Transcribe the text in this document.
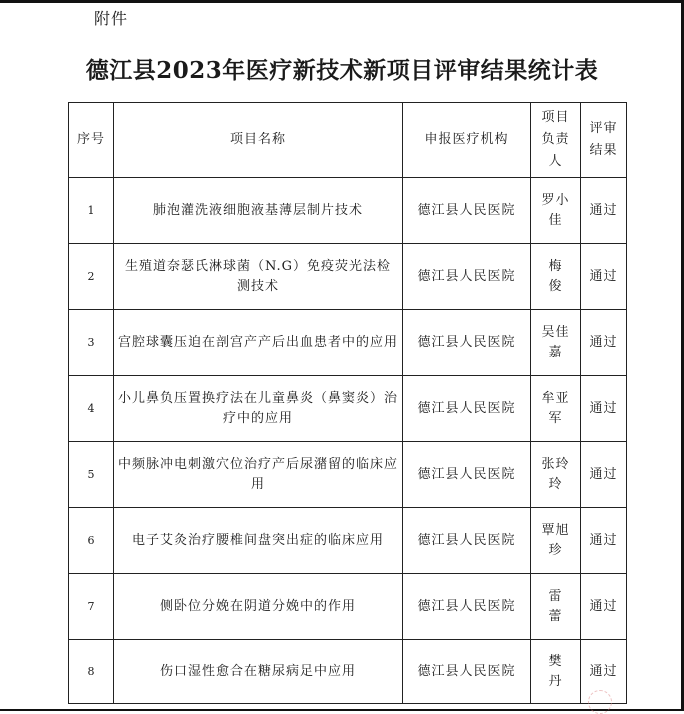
附件
德江县2023年医疗新技术新项目评审结果统计表
序号	项目名称	申报医疗机构	项目负责人	评审结果
1	肺泡灌洗液细胞液基薄层制片技术	德江县人民医院	罗小佳	通过
2	生殖道奈瑟氏淋球菌（N.G）免疫荧光法检测技术	德江县人民医院	梅　俊	通过
3	宫腔球囊压迫在剖宫产产后出血患者中的应用	德江县人民医院	吴佳嘉	通过
4	小儿鼻负压置换疗法在儿童鼻炎（鼻窦炎）治疗中的应用	德江县人民医院	牟亚军	通过
5	中频脉冲电刺激穴位治疗产后尿潴留的临床应用	德江县人民医院	张玲玲	通过
6	电子艾灸治疗腰椎间盘突出症的临床应用	德江县人民医院	覃旭珍	通过
7	侧卧位分娩在阴道分娩中的作用	德江县人民医院	雷　蕾	通过
8	伤口湿性愈合在糖尿病足中应用	德江县人民医院	樊　丹	通过
